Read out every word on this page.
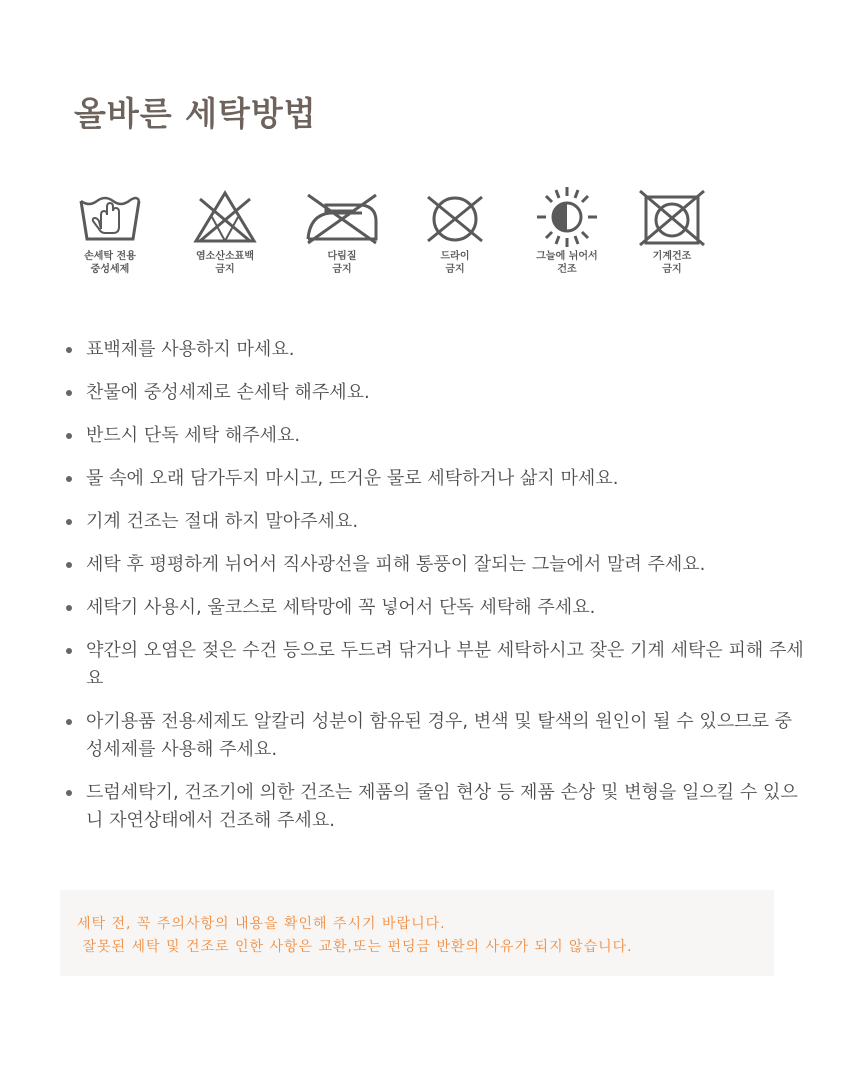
올바른 세탁방법
손세탁 전용
중성세제
염소산소표백
금지
다림질
금지
드라이
금지
그늘에 뉘어서
건조
기계건조
금지
표백제를 사용하지 마세요.
찬물에 중성세제로 손세탁 해주세요.
반드시 단독 세탁 해주세요.
물 속에 오래 담가두지 마시고, 뜨거운 물로 세탁하거나 삶지 마세요.
기계 건조는 절대 하지 말아주세요.
세탁 후 평평하게 뉘어서 직사광선을 피해 통풍이 잘되는 그늘에서 말려 주세요.
세탁기 사용시, 울코스로 세탁망에 꼭 넣어서 단독 세탁해 주세요.
약간의 오염은 젖은 수건 등으로 두드려 닦거나 부분 세탁하시고 잦은 기계 세탁은 피해 주세요
아기용품 전용세제도 알칼리 성분이 함유된 경우, 변색 및 탈색의 원인이 될 수 있으므로 중성세제를 사용해 주세요.
드럼세탁기, 건조기에 의한 건조는 제품의 줄임 현상 등 제품 손상 및 변형을 일으킬 수 있으니 자연상태에서 건조해 주세요.

세탁 전, 꼭 주의사항의 내용을 확인해 주시기 바랍니다.

잘못된 세탁 및 건조로 인한 사항은 교환,또는 펀딩금 반환의 사유가 되지 않습니다.
